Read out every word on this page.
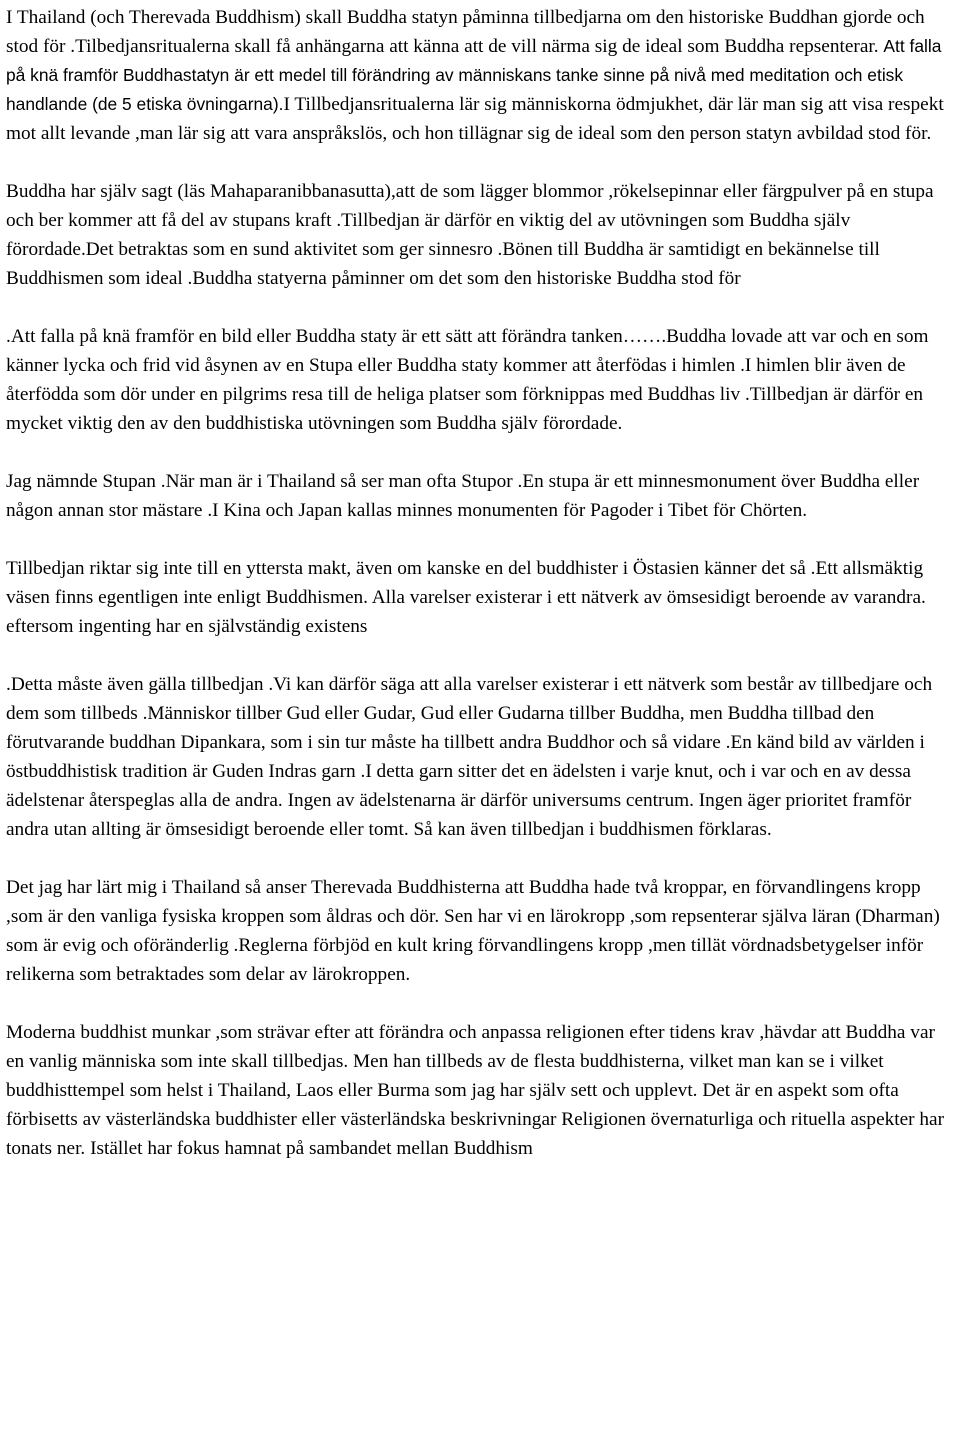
I Thailand (och Therevada Buddhism) skall Buddha statyn påminna tillbedjarna om den historiske Buddhan gjorde och stod för .Tilbedjansritualerna skall få anhängarna att känna att de vill närma sig de ideal som Buddha repsenterar. Att falla på knä framför Buddhastatyn är ett medel till förändring av människans tanke sinne på nivå med meditation och etisk handlande (de 5 etiska övningarna).I Tillbedjansritualerna lär sig människorna ödmjukhet, där lär man sig att visa respekt mot allt levande ,man lär sig att vara anspråkslös, och hon tillägnar sig de ideal som den person statyn avbildad stod för.

Buddha har själv sagt (läs Mahaparanibbanasutta),att de som lägger blommor ,rökelsepinnar eller färgpulver på en stupa och ber kommer att få del av stupans kraft .Tillbedjan är därför en viktig del av utövningen som Buddha själv förordade.Det betraktas som en sund aktivitet som ger sinnesro .Bönen till Buddha är samtidigt en bekännelse till Buddhismen som ideal .Buddha statyerna påminner om det som den historiske Buddha stod för

.Att falla på knä framför en bild eller Buddha staty är ett sätt att förändra tanken…….Buddha lovade att var och en som känner lycka och frid vid åsynen av en Stupa eller Buddha staty kommer att återfödas i himlen .I himlen blir även de återfödda som dör under en pilgrims resa till de heliga platser som förknippas med Buddhas liv .Tillbedjan är därför en mycket viktig den av den buddhistiska utövningen som Buddha själv förordade.

Jag nämnde Stupan .När man är i Thailand så ser man ofta Stupor .En stupa är ett minnesmonument över Buddha eller någon annan stor mästare .I Kina och Japan kallas minnes monumenten för Pagoder i Tibet för Chörten.

Tillbedjan riktar sig inte till en yttersta makt, även om kanske en del buddhister i Östasien känner det så .Ett allsmäktig väsen finns egentligen inte enligt Buddhismen. Alla varelser existerar i ett nätverk av ömsesidigt beroende av varandra. eftersom ingenting har en självständig existens

.Detta måste även gälla tillbedjan .Vi kan därför säga att alla varelser existerar i ett nätverk som består av tillbedjare och dem som tillbeds .Människor tillber Gud eller Gudar, Gud eller Gudarna tillber Buddha, men Buddha tillbad den förutvarande buddhan Dipankara, som i sin tur måste ha tillbett andra Buddhor och så vidare .En känd bild av världen i östbuddhistisk tradition är Guden Indras garn .I detta garn sitter det en ädelsten i varje knut, och i var och en av dessa ädelstenar återspeglas alla de andra. Ingen av ädelstenarna är därför universums centrum. Ingen äger prioritet framför andra utan allting är ömsesidigt beroende eller tomt. Så kan även tillbedjan i buddhismen förklaras.

Det jag har lärt mig i Thailand så anser Therevada Buddhisterna att Buddha hade två kroppar, en förvandlingens kropp ,som är den vanliga fysiska kroppen som åldras och dör. Sen har vi en lärokropp ,som repsenterar själva läran (Dharman) som är evig och oföränderlig .Reglerna förbjöd en kult kring förvandlingens kropp ,men tillät vördnadsbetygelser inför relikerna som betraktades som delar av lärokroppen.

Moderna buddhist munkar ,som strävar efter att förändra och anpassa religionen efter tidens krav ,hävdar att Buddha var en vanlig människa som inte skall tillbedjas. Men han tillbeds av de flesta buddhisterna, vilket man kan se i vilket buddhisttempel som helst i Thailand, Laos eller Burma som jag har själv sett och upplevt. Det är en aspekt som ofta förbisetts av västerländska buddhister eller västerländska beskrivningar Religionen övernaturliga och rituella aspekter har tonats ner. Istället har fokus hamnat på sambandet mellan Buddhism
